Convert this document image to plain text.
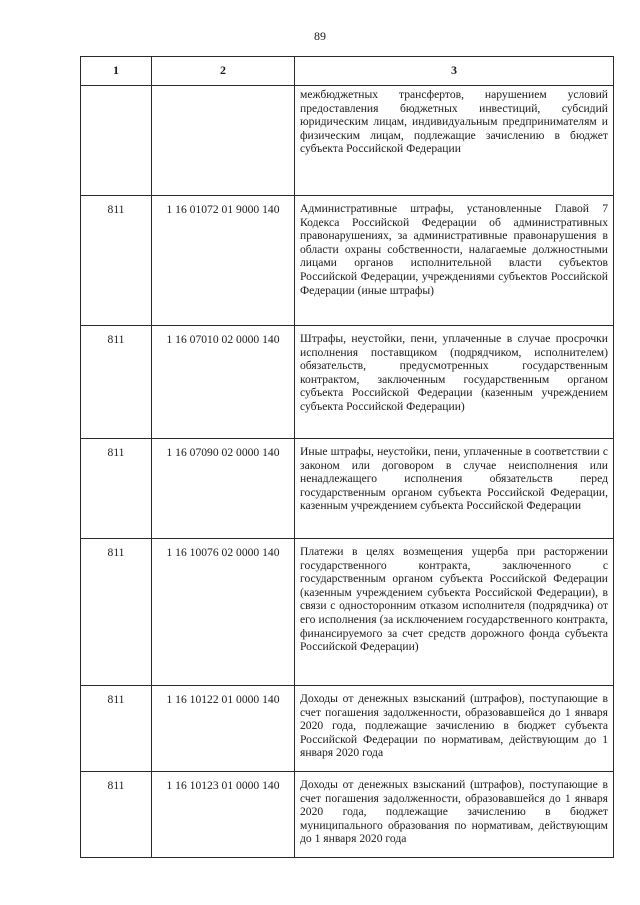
89
1	2	3
		межбюджетных трансфертов, нарушением условий предоставления бюджетных инвестиций, субсидий юридическим лицам, индивидуальным предпринимателям и физическим лицам, подлежащие зачислению в бюджет субъекта Российской Федерации
811	1 16 01072 01 9000 140	Административные штрафы, установленные Главой 7 Кодекса Российской Федерации об административных правонарушениях, за административные правонарушения в области охраны собственности, налагаемые должностными лицами органов исполнительной власти субъектов Российской Федерации, учреждениями субъектов Российской Федерации (иные штрафы)
811	1 16 07010 02 0000 140	Штрафы, неустойки, пени, уплаченные в случае просрочки исполнения поставщиком (подрядчиком, исполнителем) обязательств, предусмотренных государственным контрактом, заключенным государственным органом субъекта Российской Федерации (казенным учреждением субъекта Российской Федерации)
811	1 16 07090 02 0000 140	Иные штрафы, неустойки, пени, уплаченные в соответствии с законом или договором в случае неисполнения или ненадлежащего исполнения обязательств перед государственным органом субъекта Российской Федерации, казенным учреждением субъекта Российской Федерации
811	1 16 10076 02 0000 140	Платежи в целях возмещения ущерба при расторжении государственного контракта, заключенного с государственным органом субъекта Российской Федерации (казенным учреждением субъекта Российской Федерации), в связи с односторонним отказом исполнителя (подрядчика) от его исполнения (за исключением государственного контракта, финансируемого за счет средств дорожного фонда субъекта Российской Федерации)
811	1 16 10122 01 0000 140	Доходы от денежных взысканий (штрафов), поступающие в счет погашения задолженности, образовавшейся до 1 января 2020 года, подлежащие зачислению в бюджет субъекта Российской Федерации по нормативам, действующим до 1 января 2020 года
811	1 16 10123 01 0000 140	Доходы от денежных взысканий (штрафов), поступающие в счет погашения задолженности, образовавшейся до 1 января 2020 года, подлежащие зачислению в бюджет муниципального образования по нормативам, действующим до 1 января 2020 года
